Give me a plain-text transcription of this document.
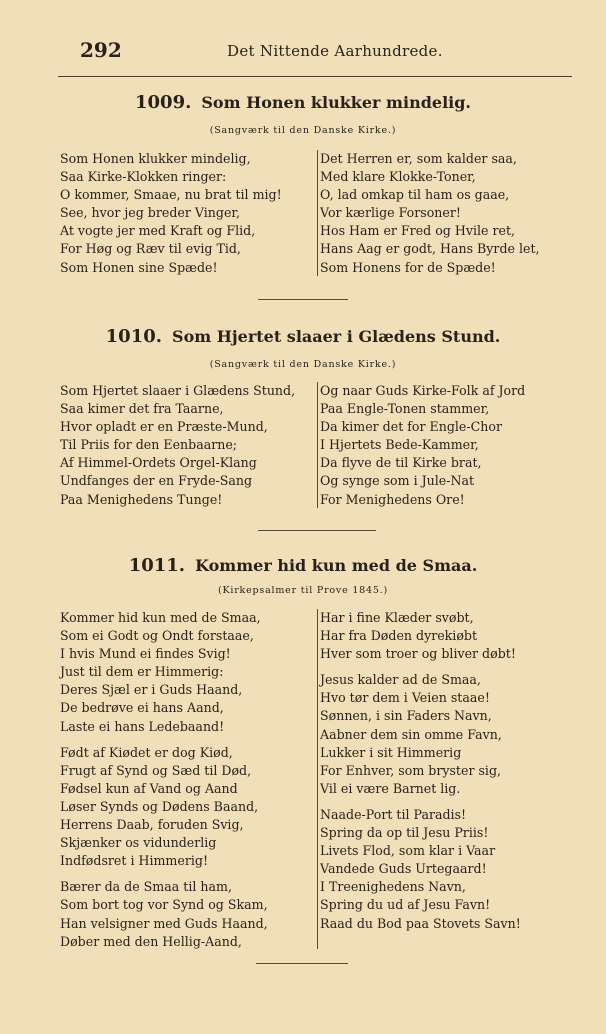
292	Det Nittende Aarhundrede.
1009. Som Honen klukker mindelig.
(Sangværk til den Danske Kirke.)
Som Honen klukker mindelig,
Saa Kirke-Klokken ringer:
O kommer, Smaae, nu brat til mig!
See, hvor jeg breder Vinger,
At vogte jer med Kraft og Flid,
For Høg og Ræv til evig Tid,
Som Honen sine Spæde!
Det Herren er, som kalder saa,
Med klare Klokke-Toner,
O, lad omkap til ham os gaae,
Vor kærlige Forsoner!
Hos Ham er Fred og Hvile ret,
Hans Aag er godt, Hans Byrde let,
Som Honens for de Spæde!
1010. Som Hjertet slaaer i Glædens Stund.
(Sangværk til den Danske Kirke.)
Som Hjertet slaaer i Glædens Stund,
Saa kimer det fra Taarne,
Hvor opladt er en Præste-Mund,
Til Priis for den Eenbaarne;
Af Himmel-Ordets Orgel-Klang
Undfanges der en Fryde-Sang
Paa Menighedens Tunge!
Og naar Guds Kirke-Folk af Jord
Paa Engle-Tonen stammer,
Da kimer det for Engle-Chor
I Hjertets Bede-Kammer,
Da flyve de til Kirke brat,
Og synge som i Jule-Nat
For Menighedens Ore!
1011. Kommer hid kun med de Smaa.
(Kirkepsalmer til Prove 1845.)
Kommer hid kun med de Smaa,
Som ei Godt og Ondt forstaae,
I hvis Mund ei findes Svig!
Just til dem er Himmerig:
Deres Sjæl er i Guds Haand,
De bedrøve ei hans Aand,
Laste ei hans Ledebaand!
Født af Kiødet er dog Kiød,
Frugt af Synd og Sæd til Død,
Fødsel kun af Vand og Aand
Løser Synds og Dødens Baand,
Herrens Daab, foruden Svig,
Skjænker os vidunderlig
Indfødsret i Himmerig!
Bærer da de Smaa til ham,
Som bort tog vor Synd og Skam,
Han velsigner med Guds Haand,
Døber med den Hellig-Aand,
Har i fine Klæder svøbt,
Har fra Døden dyrekiøbt
Hver som troer og bliver døbt!
Jesus kalder ad de Smaa,
Hvo tør dem i Veien staae!
Sønnen, i sin Faders Navn,
Aabner dem sin omme Favn,
Lukker i sit Himmerig
For Enhver, som bryster sig,
Vil ei være Barnet lig.
Naade-Port til Paradis!
Spring da op til Jesu Priis!
Livets Flod, som klar i Vaar
Vandede Guds Urtegaard!
I Treenighedens Navn,
Spring du ud af Jesu Favn!
Raad du Bod paa Stovets Savn!
